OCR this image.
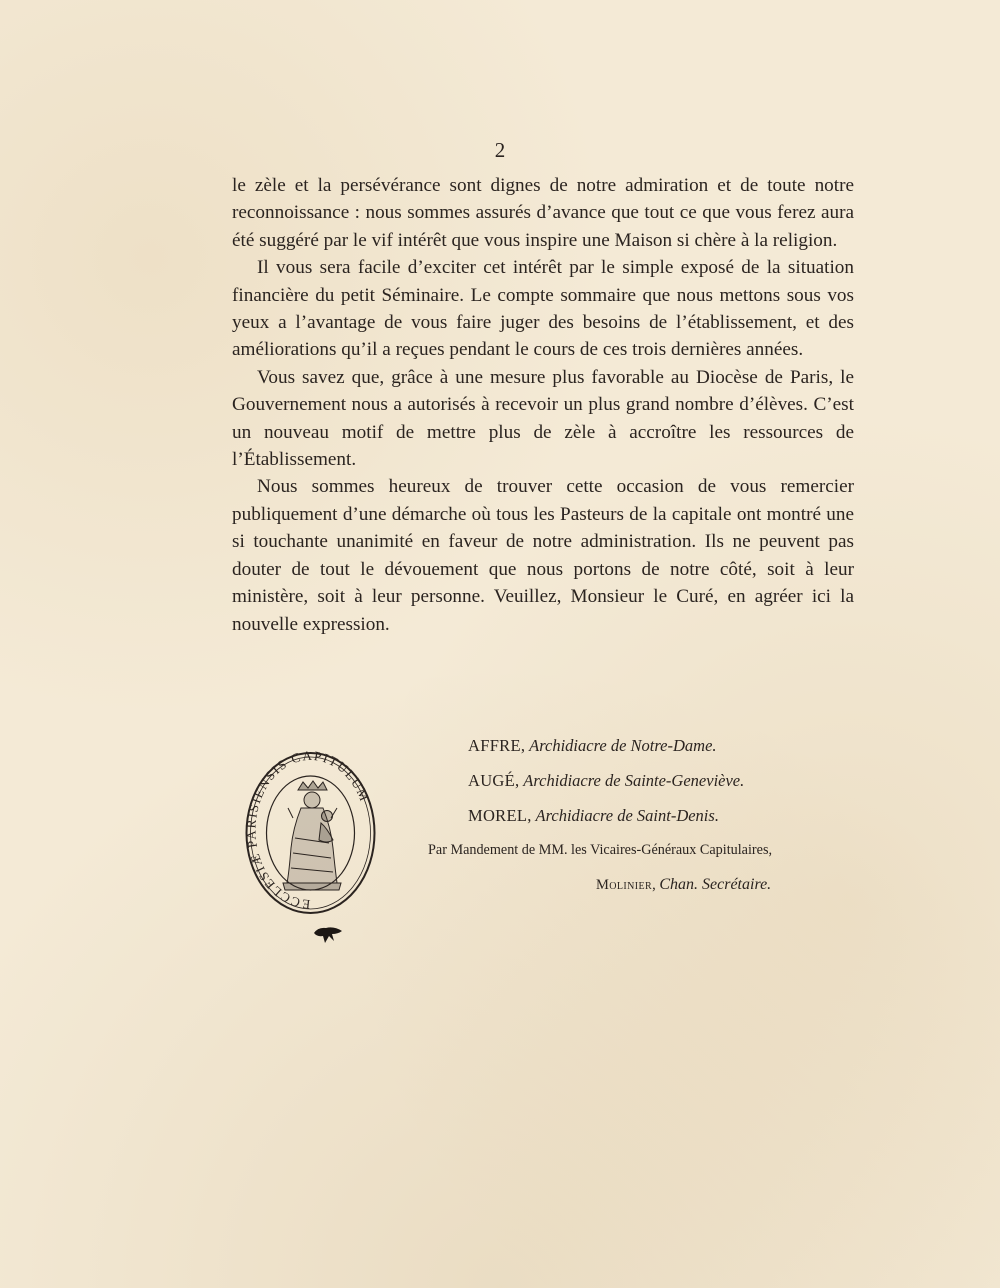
2

le zèle et la persévérance sont dignes de notre admiration et de toute notre reconnoissance : nous sommes assurés d’avance que tout ce que vous ferez aura été suggéré par le vif intérêt que vous inspire une Maison si chère à la religion.

Il vous sera facile d’exciter cet intérêt par le simple exposé de la situation financière du petit Séminaire. Le compte sommaire que nous mettons sous vos yeux a l’avantage de vous faire juger des besoins de l’établissement, et des améliorations qu’il a reçues pendant le cours de ces trois dernières années.

Vous savez que, grâce à une mesure plus favorable au Diocèse de Paris, le Gouvernement nous a autorisés à recevoir un plus grand nombre d’élèves. C’est un nouveau motif de mettre plus de zèle à accroître les ressources de l’Établissement.

Nous sommes heureux de trouver cette occasion de vous remercier publiquement d’une démarche où tous les Pasteurs de la capitale ont montré une si touchante unanimité en faveur de notre administration. Ils ne peuvent pas douter de tout le dévouement que nous portons de notre côté, soit à leur ministère, soit à leur personne. Veuillez, Monsieur le Curé, en agréer ici la nouvelle expression.

ECCLESIÆ PARISIENSIS CAPITULUM
AFFRE, Archidiacre de Notre-Dame.
AUGÉ, Archidiacre de Sainte-Geneviève.
MOREL, Archidiacre de Saint-Denis.
Par Mandement de MM. les Vicaires-Généraux Capitulaires,
Molinier, Chan. Secrétaire.
